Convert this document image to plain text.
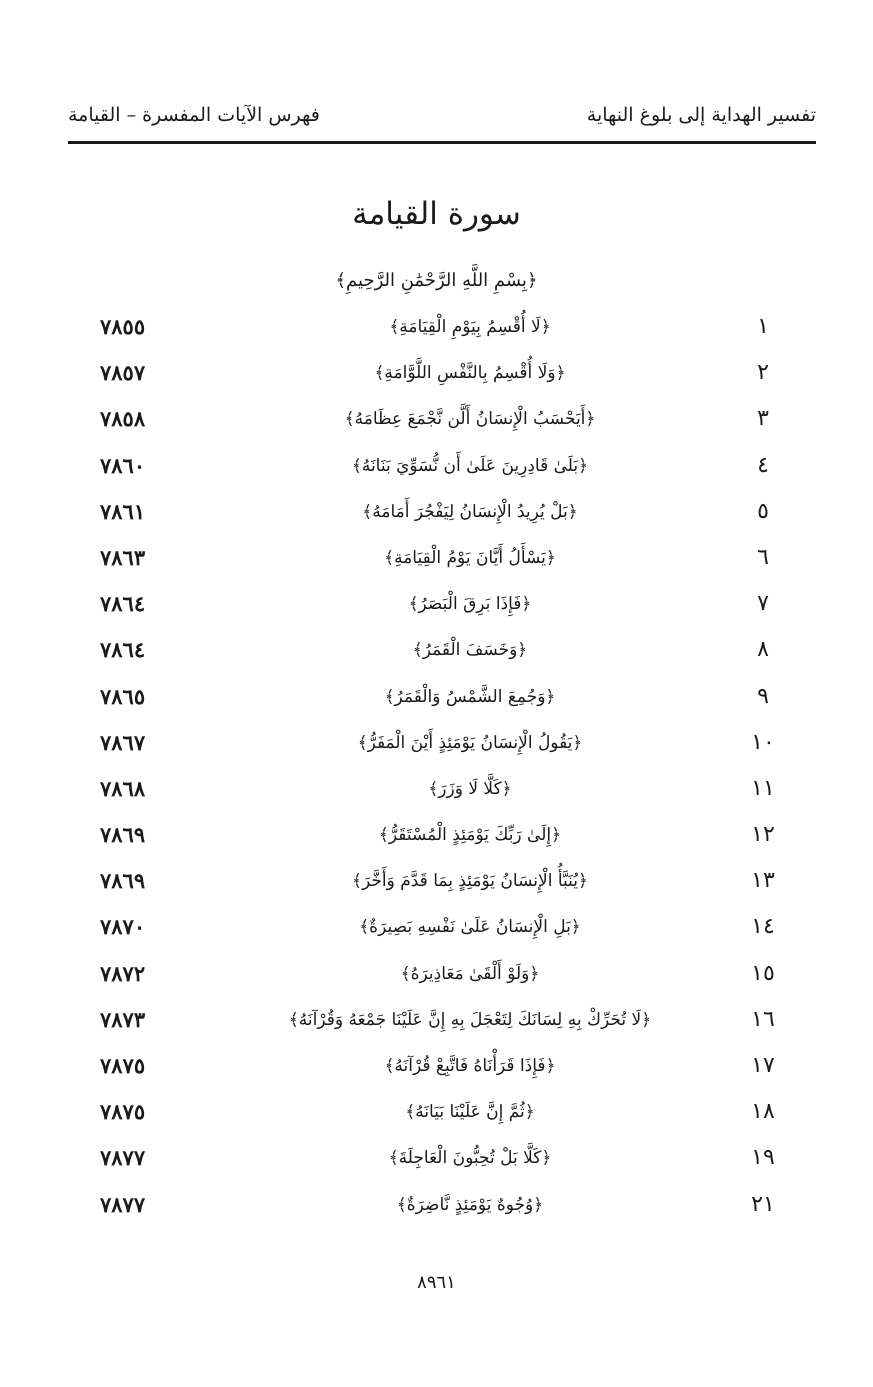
تفسير الهداية إلى بلوغ النهاية
فهرس الآيات المفسرة – القيامة
سورة القيامة
﴿بِسْمِ اللَّهِ الرَّحْمَٰنِ الرَّحِيمِ﴾
١
﴿لَا أُقْسِمُ بِيَوْمِ الْقِيَامَةِ﴾
٧٨٥٥
٢
﴿وَلَا أُقْسِمُ بِالنَّفْسِ اللَّوَّامَةِ﴾
٧٨٥٧
٣
﴿أَيَحْسَبُ الْإِنسَانُ أَلَّن نَّجْمَعَ عِظَامَهُ﴾
٧٨٥٨
٤
﴿بَلَىٰ قَادِرِينَ عَلَىٰ أَن نُّسَوِّيَ بَنَانَهُ﴾
٧٨٦٠
٥
﴿بَلْ يُرِيدُ الْإِنسَانُ لِيَفْجُرَ أَمَامَهُ﴾
٧٨٦١
٦
﴿يَسْأَلُ أَيَّانَ يَوْمُ الْقِيَامَةِ﴾
٧٨٦٣
٧
﴿فَإِذَا بَرِقَ الْبَصَرُ﴾
٧٨٦٤
٨
﴿وَخَسَفَ الْقَمَرُ﴾
٧٨٦٤
٩
﴿وَجُمِعَ الشَّمْسُ وَالْقَمَرُ﴾
٧٨٦٥
١٠
﴿يَقُولُ الْإِنسَانُ يَوْمَئِذٍ أَيْنَ الْمَفَرُّ﴾
٧٨٦٧
١١
﴿كَلَّا لَا وَزَرَ﴾
٧٨٦٨
١٢
﴿إِلَىٰ رَبِّكَ يَوْمَئِذٍ الْمُسْتَقَرُّ﴾
٧٨٦٩
١٣
﴿يُنَبَّأُ الْإِنسَانُ يَوْمَئِذٍ بِمَا قَدَّمَ وَأَخَّرَ﴾
٧٨٦٩
١٤
﴿بَلِ الْإِنسَانُ عَلَىٰ نَفْسِهِ بَصِيرَةٌ﴾
٧٨٧٠
١٥
﴿وَلَوْ أَلْقَىٰ مَعَاذِيرَهُ﴾
٧٨٧٢
١٦
﴿لَا تُحَرِّكْ بِهِ لِسَانَكَ لِتَعْجَلَ بِهِ إِنَّ عَلَيْنَا جَمْعَهُ وَقُرْآنَهُ﴾
٧٨٧٣
١٧
﴿فَإِذَا قَرَأْنَاهُ فَاتَّبِعْ قُرْآنَهُ﴾
٧٨٧٥
١٨
﴿ثُمَّ إِنَّ عَلَيْنَا بَيَانَهُ﴾
٧٨٧٥
١٩
﴿كَلَّا بَلْ تُحِبُّونَ الْعَاجِلَةَ﴾
٧٨٧٧
٢١
﴿وُجُوهٌ يَوْمَئِذٍ نَّاضِرَةٌ﴾
٧٨٧٧
٨٩٦١
